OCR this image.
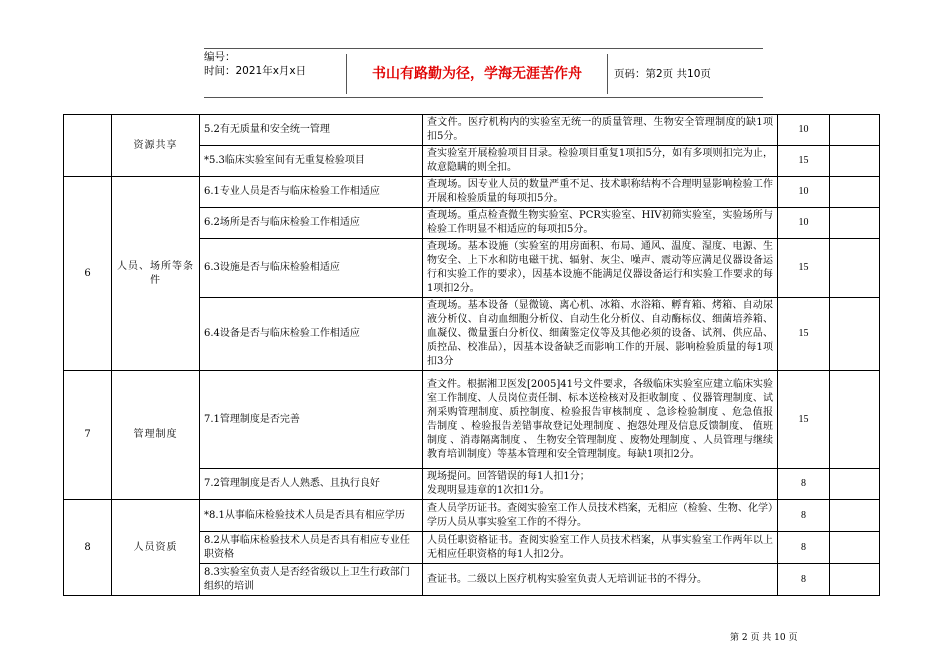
编号：
时间：2021年x月x日	书山有路勤为径，学海无涯苦作舟	页码：第2页 共10页
	资源共享	5.2有无质量和安全统一管理	查文件。医疗机构内的实验室无统一的质量管理、生物安全管理制度的缺1项扣5分。	10	
		*5.3临床实验室间有无重复检验项目	查实验室开展检验项目目录。检验项目重复1项扣5分，如有多项则扣完为止，故意隐瞒的则全扣。	15	
6	人员、场所等条件	6.1专业人员是否与临床检验工作相适应	查现场。因专业人员的数量严重不足、技术职称结构不合理明显影响检验工作开展和检验质量的每项扣5分。	10	
		6.2场所是否与临床检验工作相适应	查现场。重点检查微生物实验室、PCR实验室、HIV初筛实验室，实验场所与检验工作明显不相适应的每项扣5分。	10	
		6.3设施是否与临床检验相适应	查现场。基本设施（实验室的用房面积、布局、通风、温度、湿度、电源、生物安全、上下水和防电磁干扰、辐射、灰尘、噪声、震动等应满足仪器设备运行和实验工作的要求），因基本设施不能满足仪器设备运行和实验工作要求的每1项扣2分。	15	
		6.4设备是否与临床检验工作相适应	查现场。基本设备（显微镜、离心机、冰箱、水浴箱、孵育箱、烤箱、自动尿液分析仪、自动血细胞分析仪、自动生化分析仪、自动酶标仪、细菌培养箱、血凝仪、微量蛋白分析仪、细菌鉴定仪等及其他必须的设备、试剂、供应品、质控品、校准品），因基本设备缺乏而影响工作的开展、影响检验质量的每1项扣3分	15	
7	管理制度	7.1管理制度是否完善	查文件。根据湘卫医发[2005]41号文件要求，各级临床实验室应建立临床实验室工作制度、人员岗位责任制、标本送检核对及拒收制度 、仪器管理制度、试剂采购管理制度、质控制度、检验报告审核制度 、急诊检验制度 、危急值报告制度 、检验报告差错事故登记处理制度 、抱怨处理及信息反馈制度、 值班制度 、消毒隔离制度 、 生物安全管理制度 、废物处理制度 、人员管理与继续教育培训制度）等基本管理和安全管理制度。每缺1项扣2分。	15	
		7.2管理制度是否人人熟悉、且执行良好	现场提问。回答错误的每1人扣1分；
发现明显违章的1次扣1分。	8	
8	人员资质	*8.1从事临床检验技术人员是否具有相应学历	查人员学历证书。查阅实验室工作人员技术档案，无相应（检验、生物、化学）学历人员从事实验室工作的不得分。	8	
		8.2从事临床检验技术人员是否具有相应专业任职资格	人员任职资格证书。查阅实验室工作人员技术档案，从事实验室工作两年以上无相应任职资格的每1人扣2分。	8	
		8.3实验室负责人是否经省级以上卫生行政部门组织的培训	查证书。二级以上医疗机构实验室负责人无培训证书的不得分。	8	
第 2 页 共 10 页
